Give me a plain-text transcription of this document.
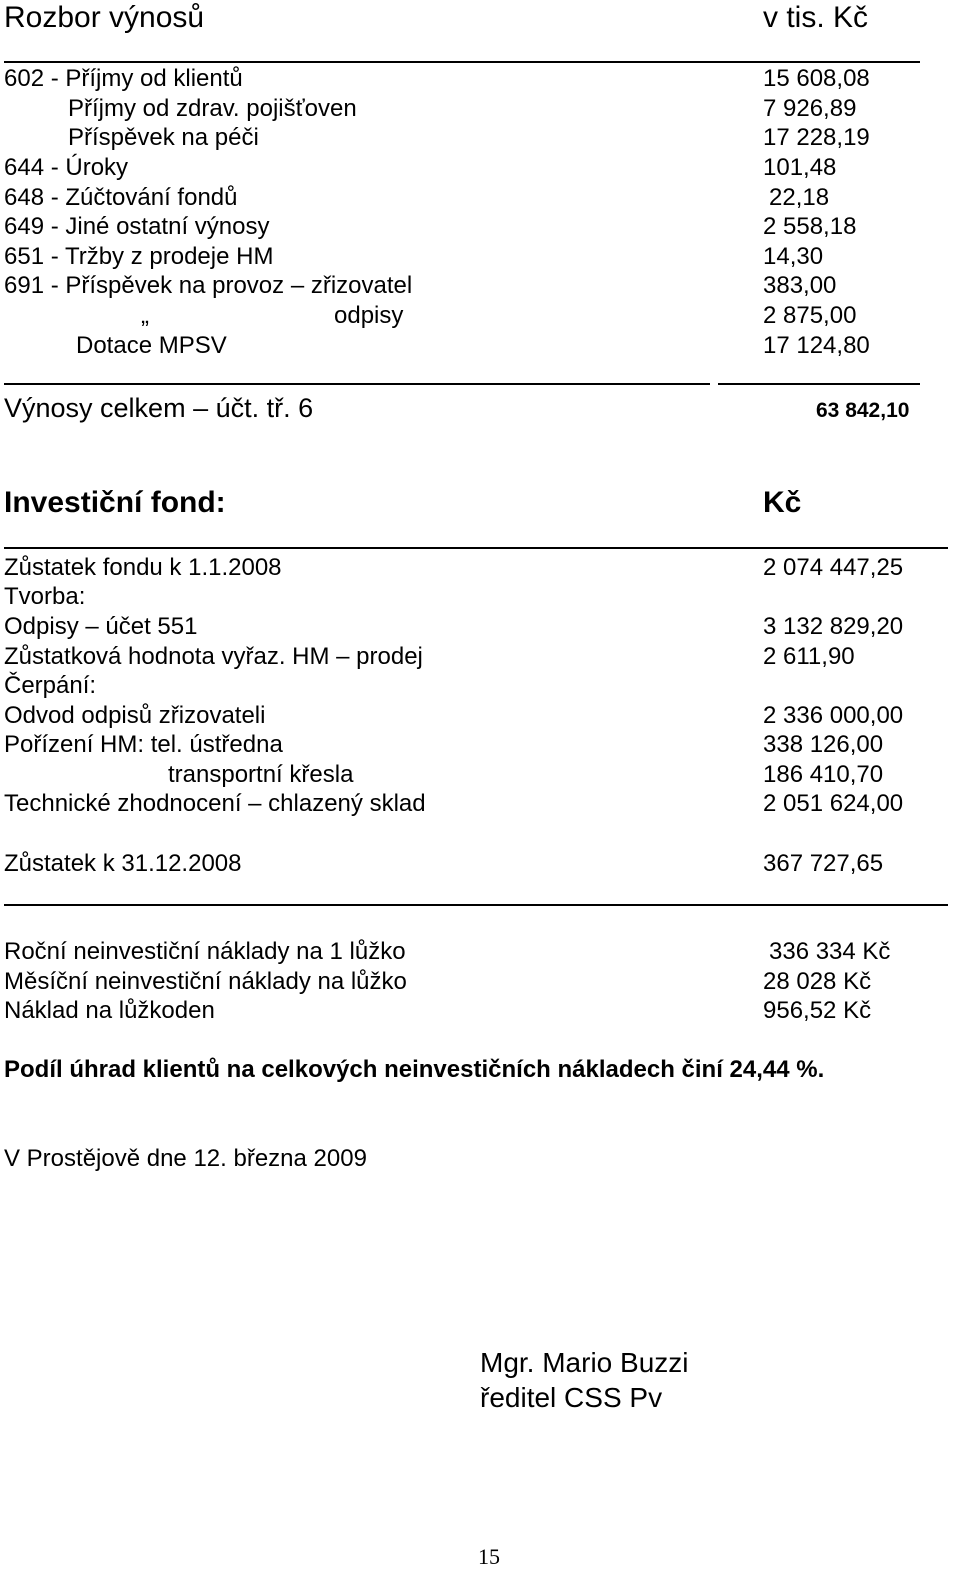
Rozbor výnosů	v tis. Kč
602 - Příjmy od klientů	15 608,08
Příjmy od zdrav. pojišťoven	7 926,89
Příspěvek na péči	17 228,19
644 - Úroky	101,48
648 - Zúčtování fondů	22,18
649 - Jiné ostatní výnosy	2 558,18
651 - Tržby z prodeje HM	14,30
691 - Příspěvek na provoz – zřizovatel	383,00
„	odpisy	2 875,00
Dotace MPSV	17 124,80
Výnosy celkem – účt. tř. 6	63 842,10
Investiční fond:	Kč
Zůstatek fondu k 1.1.2008	2 074 447,25
Tvorba:
Odpisy – účet 551	3 132 829,20
Zůstatková hodnota vyřaz. HM – prodej	2 611,90
Čerpání:
Odvod odpisů zřizovateli	2 336 000,00
Pořízení HM: tel. ústředna	338 126,00
transportní křesla	186 410,70
Technické zhodnocení – chlazený sklad	2 051 624,00
Zůstatek k 31.12.2008	367 727,65
Roční neinvestiční náklady na 1 lůžko	336 334 Kč
Měsíční neinvestiční náklady na lůžko	28 028 Kč
Náklad na lůžkoden	956,52 Kč
Podíl úhrad klientů na celkových neinvestičních nákladech činí 24,44 %.
V Prostějově dne 12. března 2009
Mgr. Mario Buzzi
ředitel CSS Pv
15
